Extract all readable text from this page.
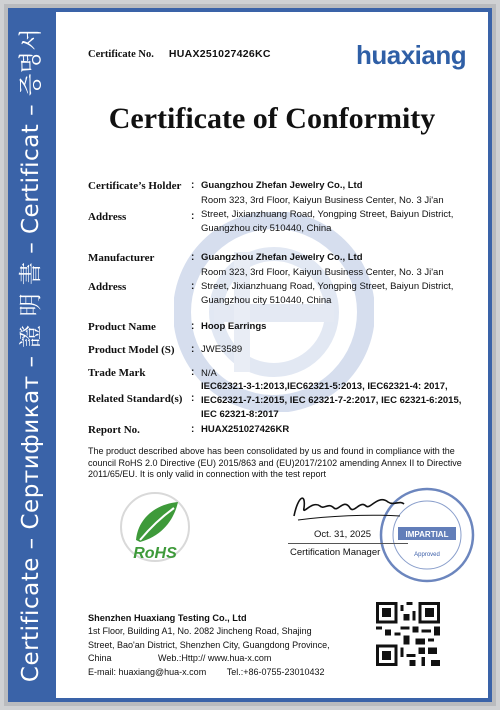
Certificate – Сертификат – 證 明 書 – Certificat – 증명서	Certificate No. HUAX251027426KC	huaxiang
Certificate of Conformity
Certificate’s Holder : Guangzhou Zhefan Jewelry Co., Ltd
Address	:
Room 323, 3rd Floor, Kaiyun Business Center, No. 3 Ji'an
Street, Jixianzhuang Road, Yongping Street, Baiyun District,
Guangzhou city 510440, China
Manufacturer	: Guangzhou Zhefan Jewelry Co., Ltd
Address	:
Room 323, 3rd Floor, Kaiyun Business Center, No. 3 Ji'an
Street, Jixianzhuang Road, Yongping Street, Baiyun District,
Guangzhou city 510440, China
Product Name	: Hoop Earrings
Product Model (S) : JWE3589
Trade Mark	: N/A
Related Standard(s) :
IEC62321-3-1:2013,IEC62321-5:2013, IEC62321-4: 2017,
IEC62321-7-1:2015, IEC 62321-7-2:2017, IEC 62321-6:2015,
IEC 62321-8:2017
Report No.	: HUAX251027426KR
The product described above has been consolidated by us and found in compliance with the council RoHS 2.0 Directive (EU) 2015/863 and (EU)2017/2102 amending Annex II to Directive 2011/65/EU. It is only valid in connection with the test report
RoHS
IMPARTIAL
Approved
Oct. 31, 2025
Certification Manager
Shenzhen Huaxiang Testing Co., Ltd
1st Floor, Building A1, No. 2082 Jincheng Road, Shajing
Street, Bao'an District, Shenzhen City, Guangdong Province,
China	Web.:Http:// www.hua-x.com
E-mail: huaxiang@hua-x.com Tel.:+86-0755-23010432
